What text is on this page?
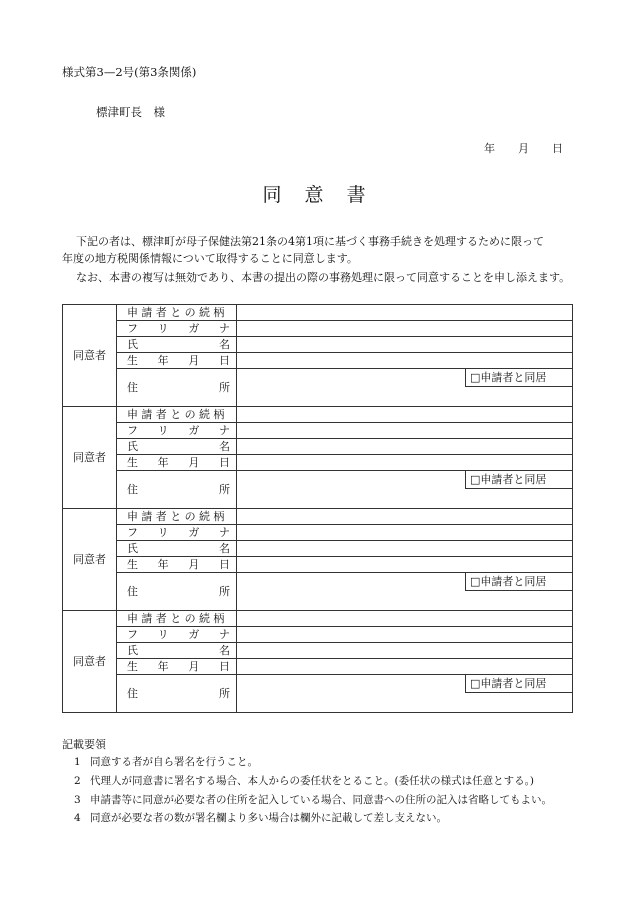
様式第3—2号(第3条関係)
標津町長　様
年 月 日
同　意　書
下記の者は、標津町が母子保健法第21条の4第1項に基づく事務手続きを処理するために限って
年度の地方税関係情報について取得することに同意します。
なお、本書の複写は無効であり、本書の提出の際の事務処理に限って同意することを申し添えます。
同意者	申請者との続柄	

	フ リ ガ ナ	

	氏 名	

	生 年 月 日	

	住 所	□申請者と同居

同意者	申請者との続柄	

	フ リ ガ ナ	

	氏 名	

	生 年 月 日	

	住 所	□申請者と同居

同意者	申請者との続柄	

	フ リ ガ ナ	

	氏 名	

	生 年 月 日	

	住 所	□申請者と同居

同意者	申請者との続柄	

	フ リ ガ ナ	

	氏 名	

	生 年 月 日	

	住 所	□申請者と同居

記載要領
1 同意する者が自ら署名を行うこと。
2 代理人が同意書に署名する場合、本人からの委任状をとること。(委任状の様式は任意とする。)
3 申請書等に同意が必要な者の住所を記入している場合、同意書への住所の記入は省略してもよい。
4 同意が必要な者の数が署名欄より多い場合は欄外に記載して差し支えない。
